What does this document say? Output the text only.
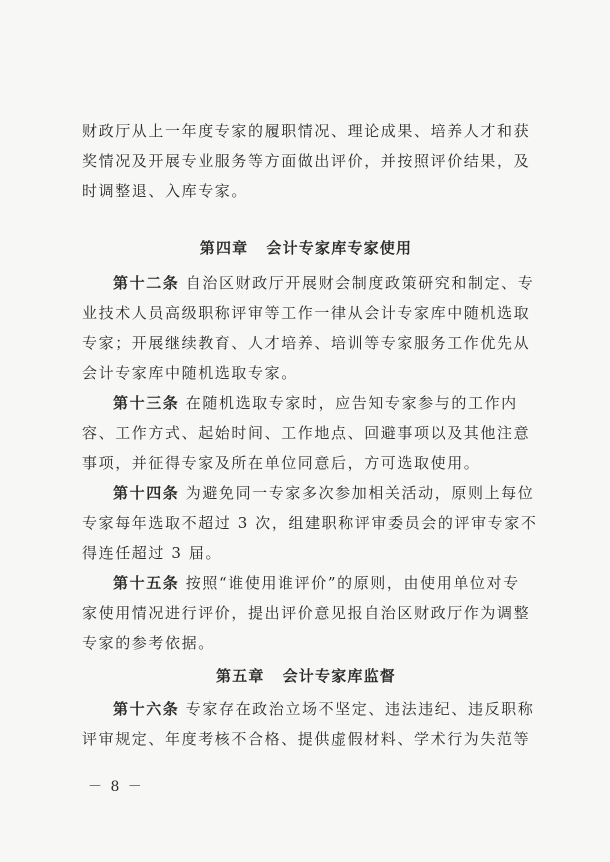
财政厅从上一年度专家的履职情况、理论成果、培养人才和获
奖情况及开展专业服务等方面做出评价，并按照评价结果，及
时调整退、入库专家。
第四章 会计专家库专家使用
第十二条 自治区财政厅开展财会制度政策研究和制定、专
业技术人员高级职称评审等工作一律从会计专家库中随机选取
专家；开展继续教育、人才培养、培训等专家服务工作优先从
会计专家库中随机选取专家。
第十三条 在随机选取专家时，应告知专家参与的工作内
容、工作方式、起始时间、工作地点、回避事项以及其他注意
事项，并征得专家及所在单位同意后，方可选取使用。
第十四条 为避免同一专家多次参加相关活动，原则上每位
专家每年选取不超过 3 次，组建职称评审委员会的评审专家不
得连任超过 3 届。
第十五条 按照“谁使用谁评价”的原则，由使用单位对专
家使用情况进行评价，提出评价意见报自治区财政厅作为调整
专家的参考依据。
第五章 会计专家库监督
第十六条 专家存在政治立场不坚定、违法违纪、违反职称
评审规定、年度考核不合格、提供虚假材料、学术行为失范等
－ 8 －
